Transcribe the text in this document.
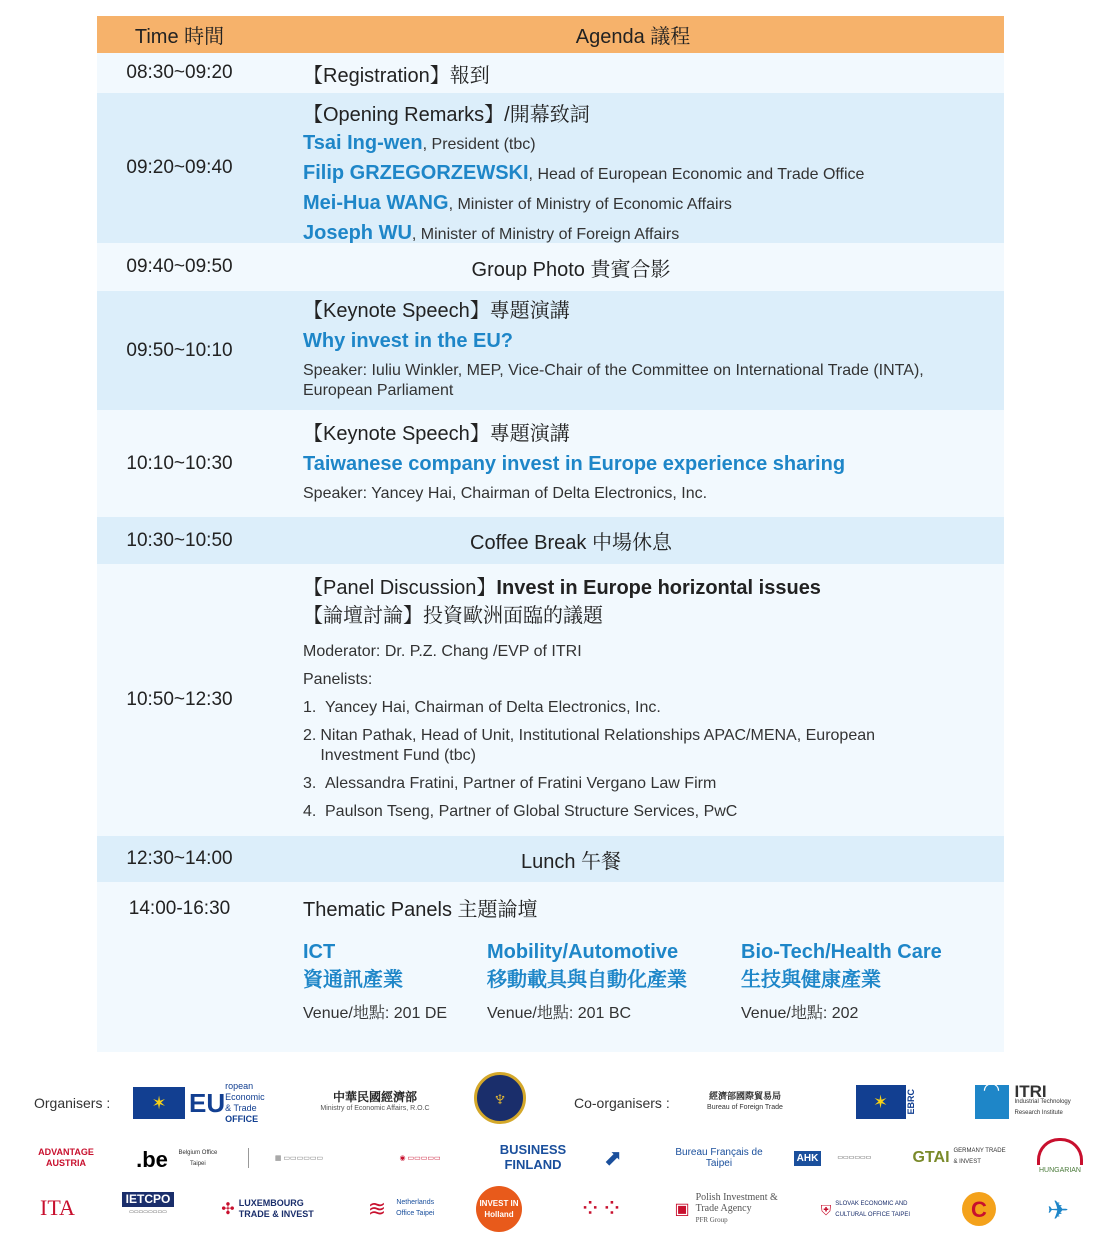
Time 時間	Agenda 議程
08:30~09:20	【Registration】報到
09:20~09:40
【Opening Remarks】/開幕致詞
Tsai Ing-wen, President (tbc)
Filip GRZEGORZEWSKI, Head of European Economic and Trade Office
Mei-Hua WANG, Minister of Ministry of Economic Affairs
Joseph WU, Minister of Ministry of Foreign Affairs
09:40~09:50	Group Photo 貴賓合影
09:50~10:10
【Keynote Speech】專題演講
Why invest in the EU?
Speaker: Iuliu Winkler, MEP, Vice-Chair of the Committee on International Trade (INTA), European Parliament
10:10~10:30
【Keynote Speech】專題演講
Taiwanese company invest in Europe experience sharing
Speaker: Yancey Hai, Chairman of Delta Electronics, Inc.
10:30~10:50	Coffee Break 中場休息
10:50~12:30
【Panel Discussion】Invest in Europe horizontal issues
【論壇討論】投資歐洲面臨的議題
Moderator: Dr. P.Z. Chang /EVP of ITRI
Panelists:
1. Yancey Hai, Chairman of Delta Electronics, Inc.
2. Nitan Pathak, Head of Unit, Institutional Relationships APAC/MENA, European Investment Fund (tbc)
3. Alessandra Fratini, Partner of Fratini Vergano Law Firm
4. Paulson Tseng, Partner of Global Structure Services, PwC
12:30~14:00	Lunch 午餐
14:00-16:30	Thematic Panels 主題論壇
ICT
資通訊產業
Venue/地點: 201 DE
Mobility/Automotive
移動載具與自動化產業
Venue/地點: 201 BC
Bio-Tech/Health Care
生技與健康產業
Venue/地點: 202
Organisers :	✶ EU
ropean Economic & Trade
OFFICE
中華民國經濟部
Ministry of Economic Affairs, R.O.C	♆	Co-organisers :	經濟部國際貿易局
Bureau of Foreign Trade	✶	EBRC	◠ ITRI
Industrial Technology Research Institute
ADVANTAGE AUSTRIA	.be	Belgium Office Taipei
▦ ▭▭▭▭▭▭	◉ ▭▭▭▭▭
BUSINESS
FINLAND	⬈	Bureau Français de Taipei	AHK	▭▭▭▭▭▭	GTAI GERMANY TRADE & INVEST
HUNGARIAN
ITA	IETCPO
▭▭▭▭▭▭▭▭	✣ LUXEMBOURG TRADE & INVEST	≋	Netherlands Office Taipei
INVEST IN Holland	⁘⁘	▣
Polish Investment & Trade Agency
PFR Group
⛨ SLOVAK ECONOMIC AND CULTURAL OFFICE TAIPEI	C	✈
